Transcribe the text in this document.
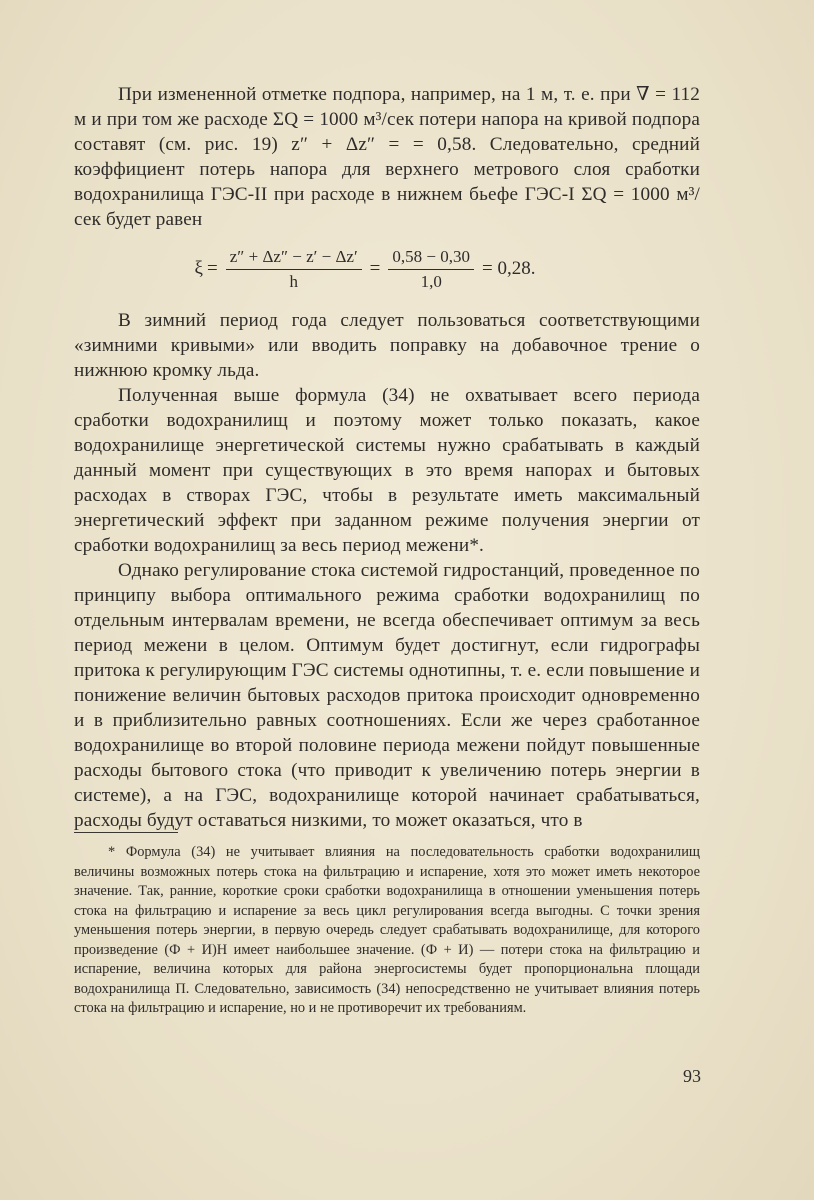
При измененной отметке подпора, например, на 1 м, т. е. при ∇ = 112 м и при том же расходе ΣQ = 1000 м³/сек потери напора на кривой подпора составят (см. рис. 19) z″ + Δz″ = = 0,58. Следовательно, средний коэффициент потерь напора для верхнего метрового слоя сработки водохранилища ГЭС-II при расходе в нижнем бьефе ГЭС-I ΣQ = 1000 м³/сек будет равен

$\xi = \frac{z'' + \Delta z'' - z' - \Delta z'}{h} = \frac{0,58 - 0,30}{1,0} = 0,28$.

В зимний период года следует пользоваться соответствующими «зимними кривыми» или вводить поправку на добавочное трение о нижнюю кромку льда.

Полученная выше формула (34) не охватывает всего периода сработки водохранилищ и поэтому может только показать, какое водохранилище энергетической системы нужно срабатывать в каждый данный момент при существующих в это время напорах и бытовых расходах в створах ГЭС, чтобы в результате иметь максимальный энергетический эффект при заданном режиме получения энергии от сработки водохранилищ за весь период межени*.

Однако регулирование стока системой гидростанций, проведенное по принципу выбора оптимального режима сработки водохранилищ по отдельным интервалам времени, не всегда обеспечивает оптимум за весь период межени в целом. Оптимум будет достигнут, если гидрографы притока к регулирующим ГЭС системы однотипны, т. е. если повышение и понижение величин бытовых расходов притока происходит одновременно и в приблизительно равных соотношениях. Если же через сработанное водохранилище во второй половине периода межени пойдут повышенные расходы бытового стока (что приводит к увеличению потерь энергии в системе), а на ГЭС, водохранилище которой начинает срабатываться, расходы будут оставаться низкими, то может оказаться, что в

* Формула (34) не учитывает влияния на последовательность сработки водохранилищ величины возможных потерь стока на фильтрацию и испарение, хотя это может иметь некоторое значение. Так, ранние, короткие сроки сработки водохранилища в отношении уменьшения потерь стока на фильтрацию и испарение за весь цикл регулирования всегда выгодны. С точки зрения уменьшения потерь энергии, в первую очередь следует срабатывать водохранилище, для которого произведение (Ф + И)Н имеет наибольшее значение. (Ф + И) — потери стока на фильтрацию и испарение, величина которых для района энергосистемы будет пропорциональна площади водохранилища П. Следовательно, зависимость (34) непосредственно не учитывает влияния потерь стока на фильтрацию и испарение, но и не противоречит их требованиям.

93
